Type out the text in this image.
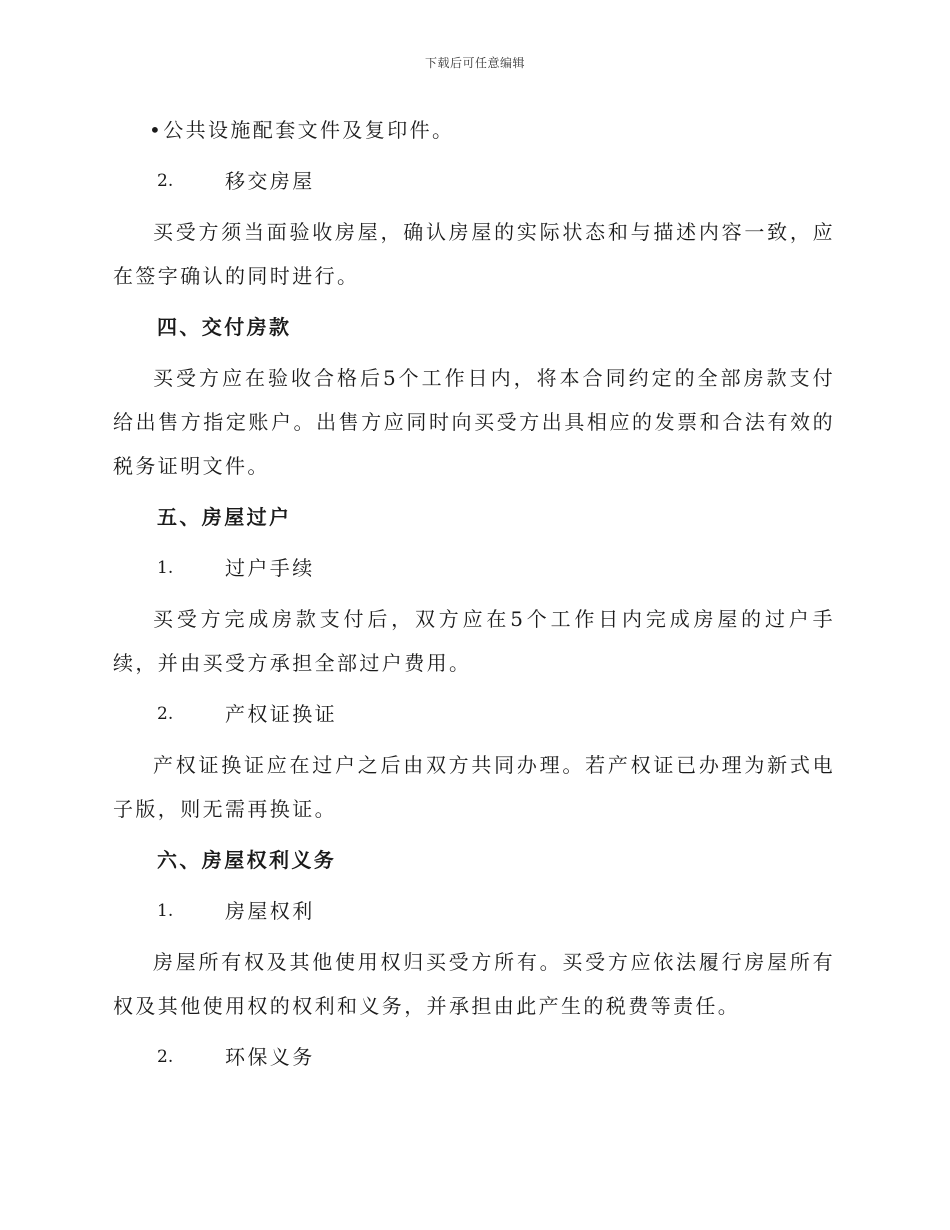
下载后可任意编辑

•公共设施配套文件及复印件。

2.	移交房屋

买受方须当面验收房屋，确认房屋的实际状态和与描述内容一致，应在签字确认的同时进行。

四、交付房款

买受方应在验收合格后5个工作日内，将本合同约定的全部房款支付给出售方指定账户。出售方应同时向买受方出具相应的发票和合法有效的税务证明文件。

五、房屋过户
1.	过户手续

买受方完成房款支付后，双方应在5个工作日内完成房屋的过户手续，并由买受方承担全部过户费用。

2.	产权证换证

产权证换证应在过户之后由双方共同办理。若产权证已办理为新式电子版，则无需再换证。

六、房屋权利义务
1.	房屋权利

房屋所有权及其他使用权归买受方所有。买受方应依法履行房屋所有权及其他使用权的权利和义务，并承担由此产生的税费等责任。

2.	环保义务
